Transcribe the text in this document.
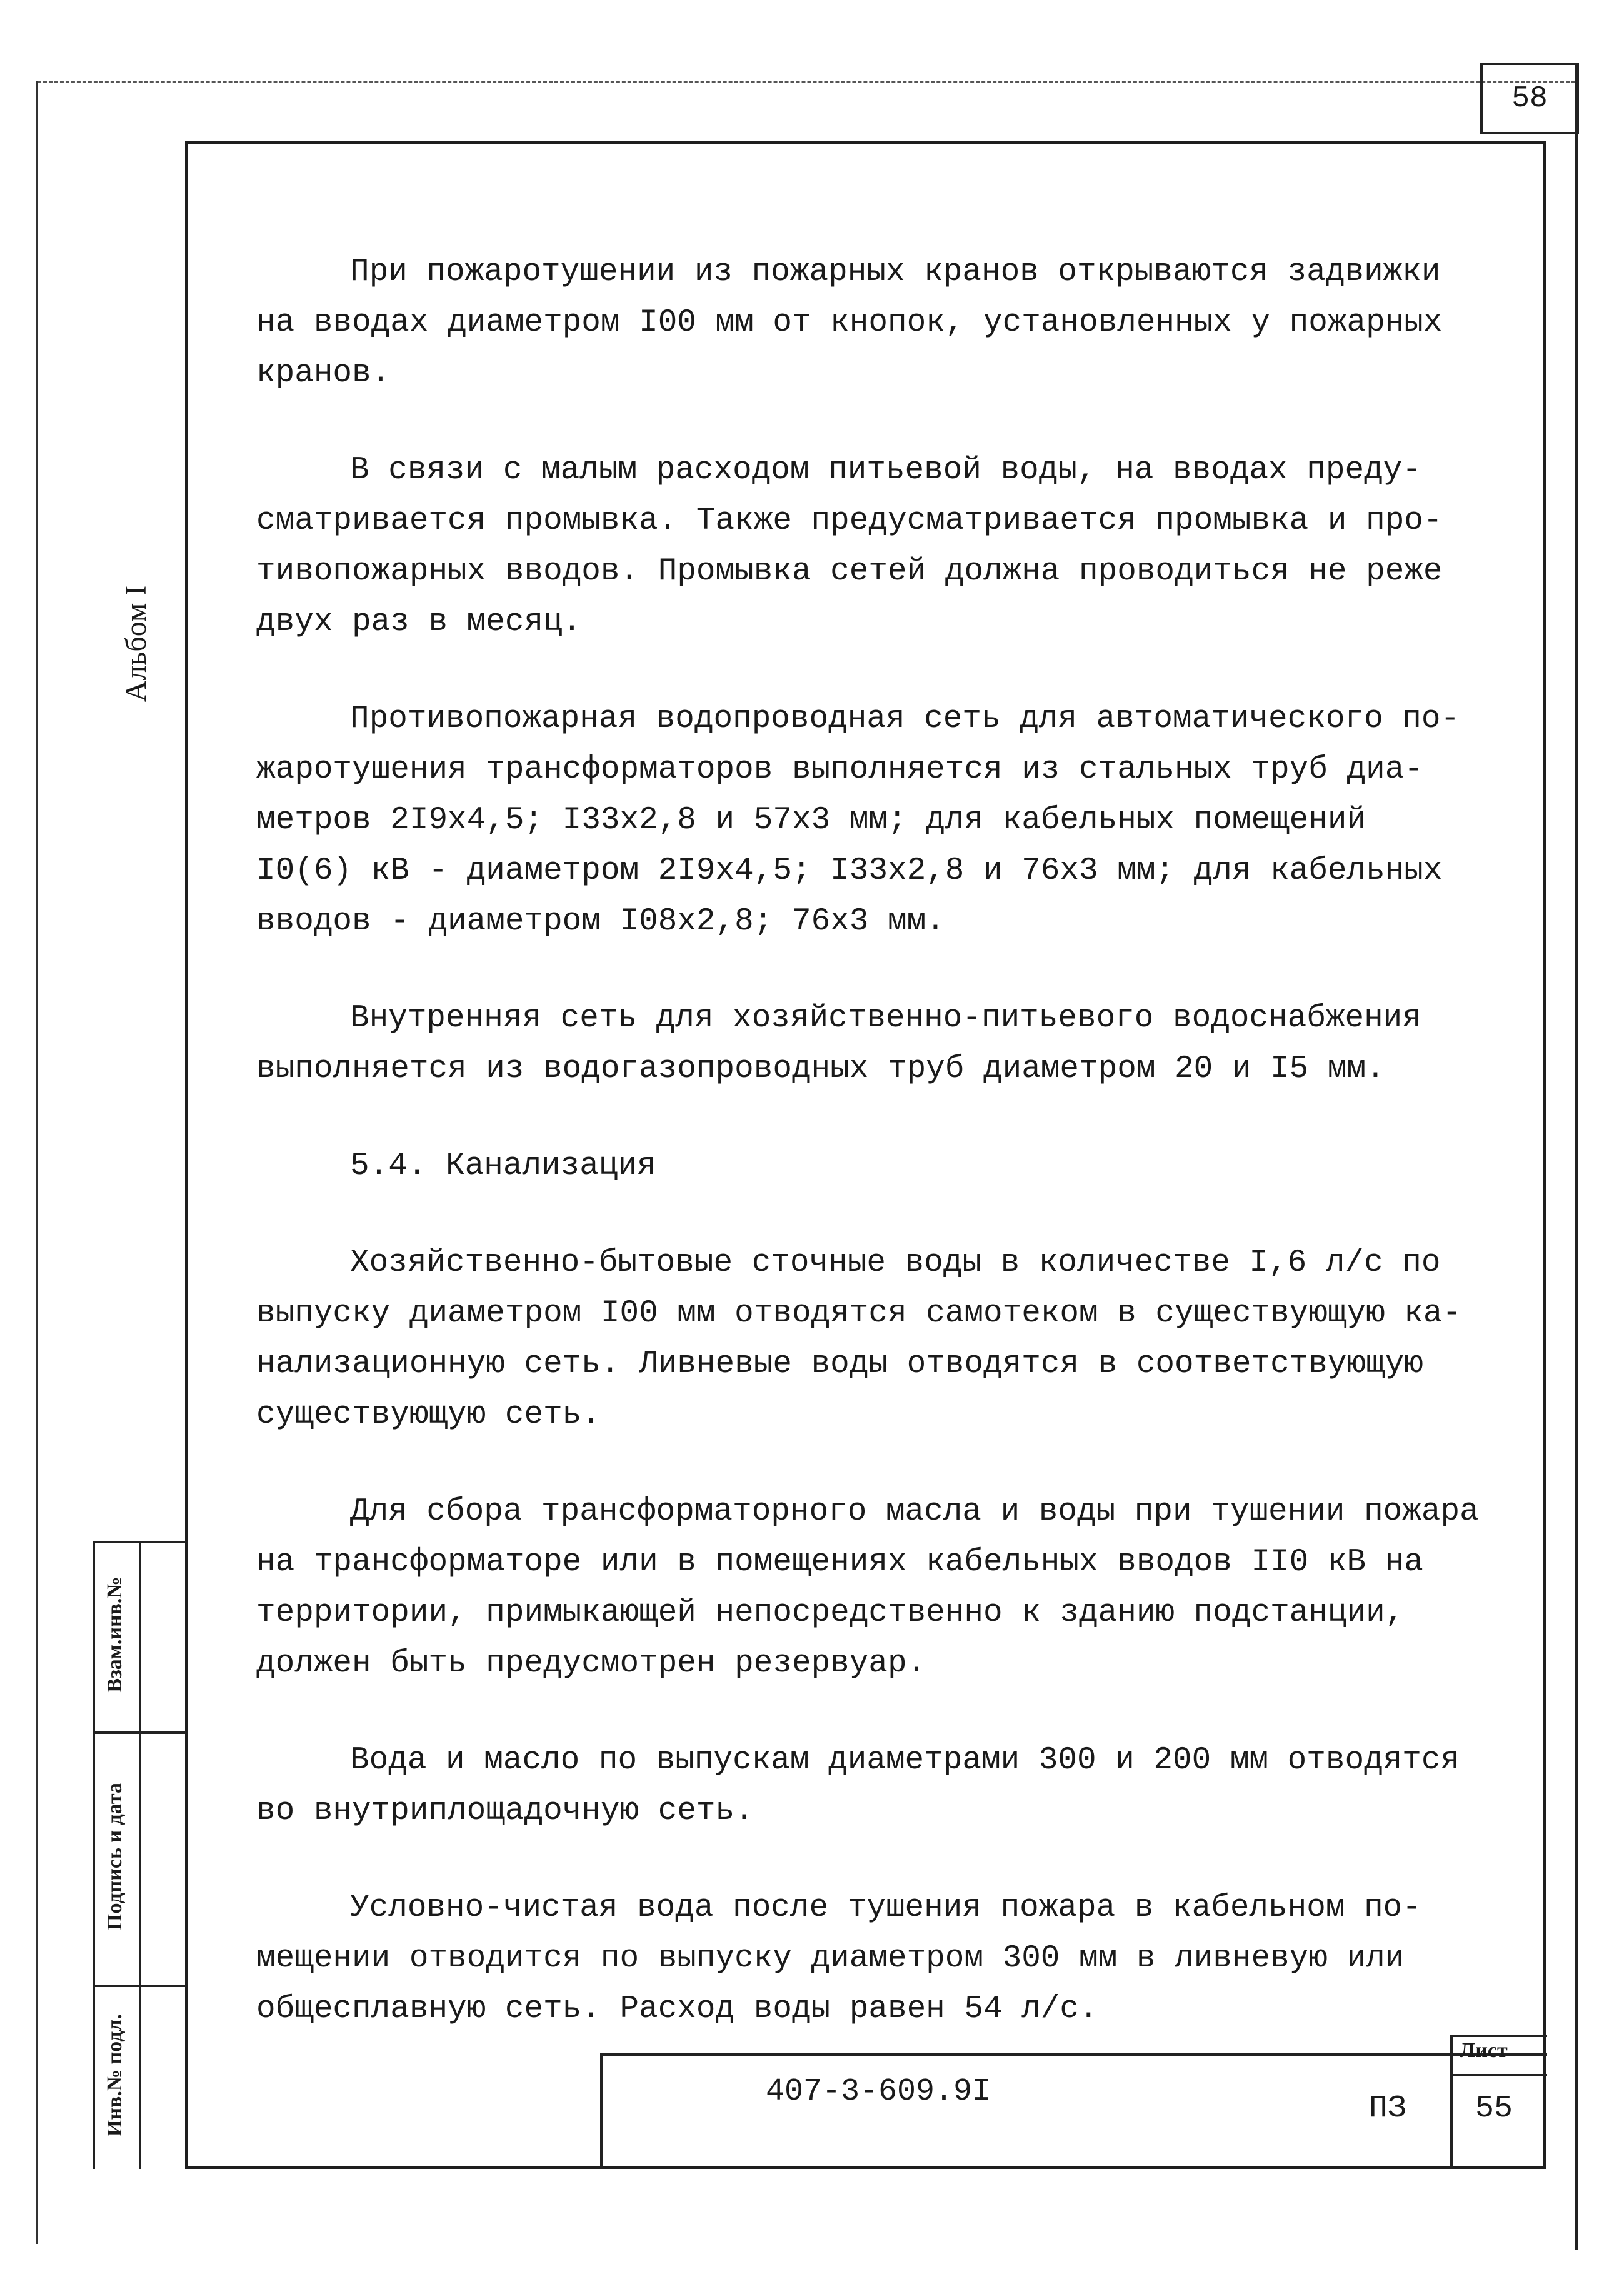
58
Альбом I
Взам.инв.№
Подпись и дата
Инв.№ подл.
При пожаротушении из пожарных кранов открываются задвижки
на вводах диаметром I00 мм от кнопок, установленных у пожарных
кранов.
В связи с малым расходом питьевой воды, на вводах преду-
сматривается промывка. Также предусматривается промывка и про-
тивопожарных вводов. Промывка сетей должна проводиться не реже
двух раз в месяц.
Противопожарная водопроводная сеть для автоматического по-
жаротушения трансформаторов выполняется из стальных труб диа-
метров 2I9х4,5; I33х2,8 и 57х3 мм; для кабельных помещений
I0(6) кВ - диаметром 2I9х4,5; I33х2,8 и 76х3 мм; для кабельных
вводов - диаметром I08х2,8; 76х3 мм.
Внутренняя сеть для хозяйственно-питьевого водоснабжения
выполняется из водогазопроводных труб диаметром 20 и I5 мм.
5.4. Канализация
Хозяйственно-бытовые сточные воды в количестве I,6 л/с по
выпуску диаметром I00 мм отводятся самотеком в существующую ка-
нализационную сеть. Ливневые воды отводятся в соответствующую
существующую сеть.
Для сбора трансформаторного масла и воды при тушении пожара
на трансформаторе или в помещениях кабельных вводов II0 кВ на
территории, примыкающей непосредственно к зданию подстанции,
должен быть предусмотрен резервуар.
Вода и масло по выпускам диаметрами 300 и 200 мм отводятся
во внутриплощадочную сеть.
Условно-чистая вода после тушения пожара в кабельном по-
мещении отводится по выпуску диаметром 300 мм в ливневую или
общесплавную сеть. Расход воды равен 54 л/с.
407-3-609.9I	ПЗ
Лист
55
